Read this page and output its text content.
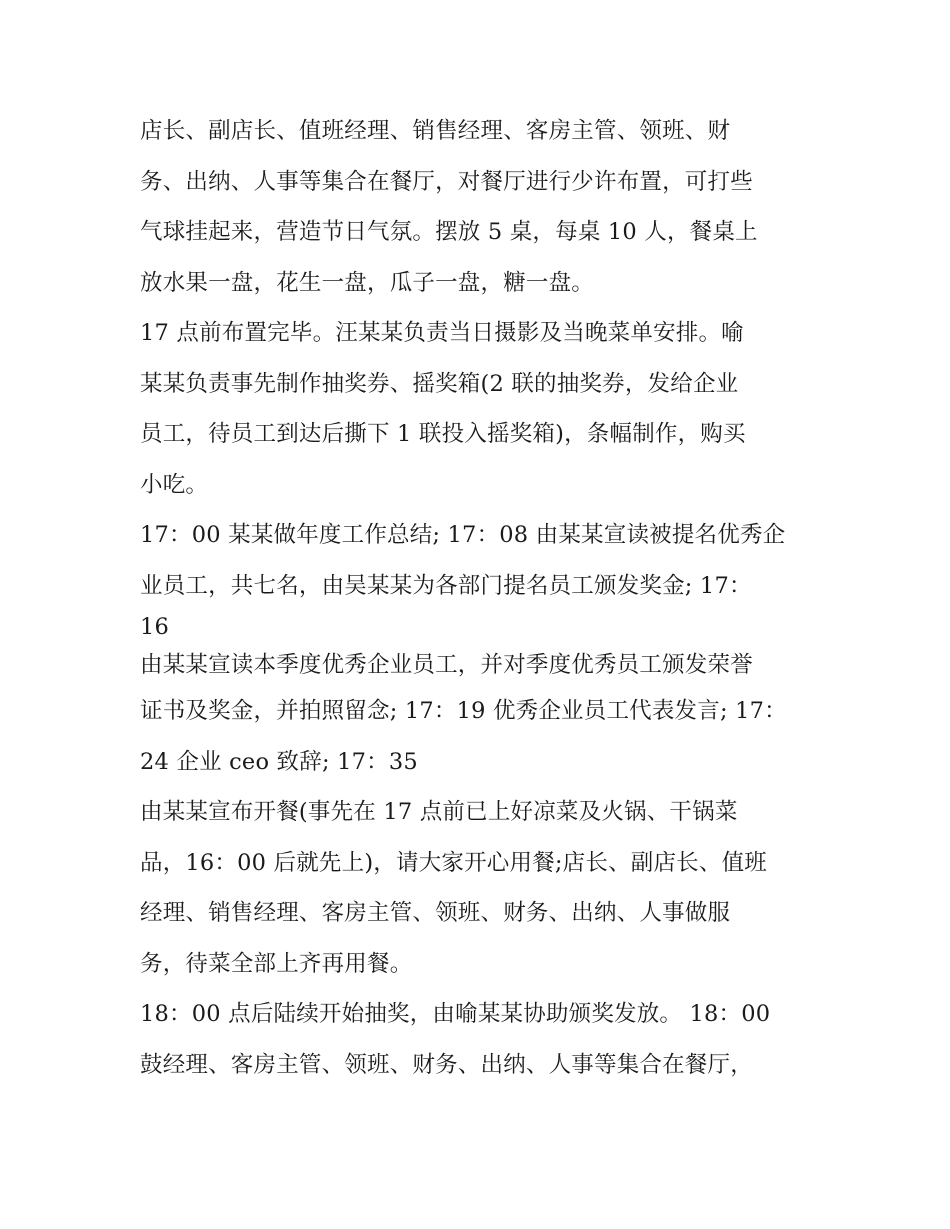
店长、副店长、值班经理、销售经理、客房主管、领班、财
务、出纳、人事等集合在餐厅，对餐厅进行少许布置，可打些
气球挂起来，营造节日气氛。摆放 5 桌，每桌 10 人，餐桌上
放水果一盘，花生一盘，瓜子一盘，糖一盘。
17 点前布置完毕。汪某某负责当日摄影及当晚菜单安排。喻
某某负责事先制作抽奖券、摇奖箱(2 联的抽奖券，发给企业
员工，待员工到达后撕下 1 联投入摇奖箱)，条幅制作，购买
小吃。
17：00 某某做年度工作总结; 17：08 由某某宣读被提名优秀企
业员工，共七名，由吴某某为各部门提名员工颁发奖金; 17：
16
由某某宣读本季度优秀企业员工，并对季度优秀员工颁发荣誉
证书及奖金，并拍照留念; 17：19 优秀企业员工代表发言; 17：
24 企业 ceo 致辞; 17：35
由某某宣布开餐(事先在 17 点前已上好凉菜及火锅、干锅菜
品，16：00 后就先上)，请大家开心用餐;店长、副店长、值班
经理、销售经理、客房主管、领班、财务、出纳、人事做服
务，待菜全部上齐再用餐。
18：00 点后陆续开始抽奖，由喻某某协助颁奖发放。 18：00
鼓经理、客房主管、领班、财务、出纳、人事等集合在餐厅，
